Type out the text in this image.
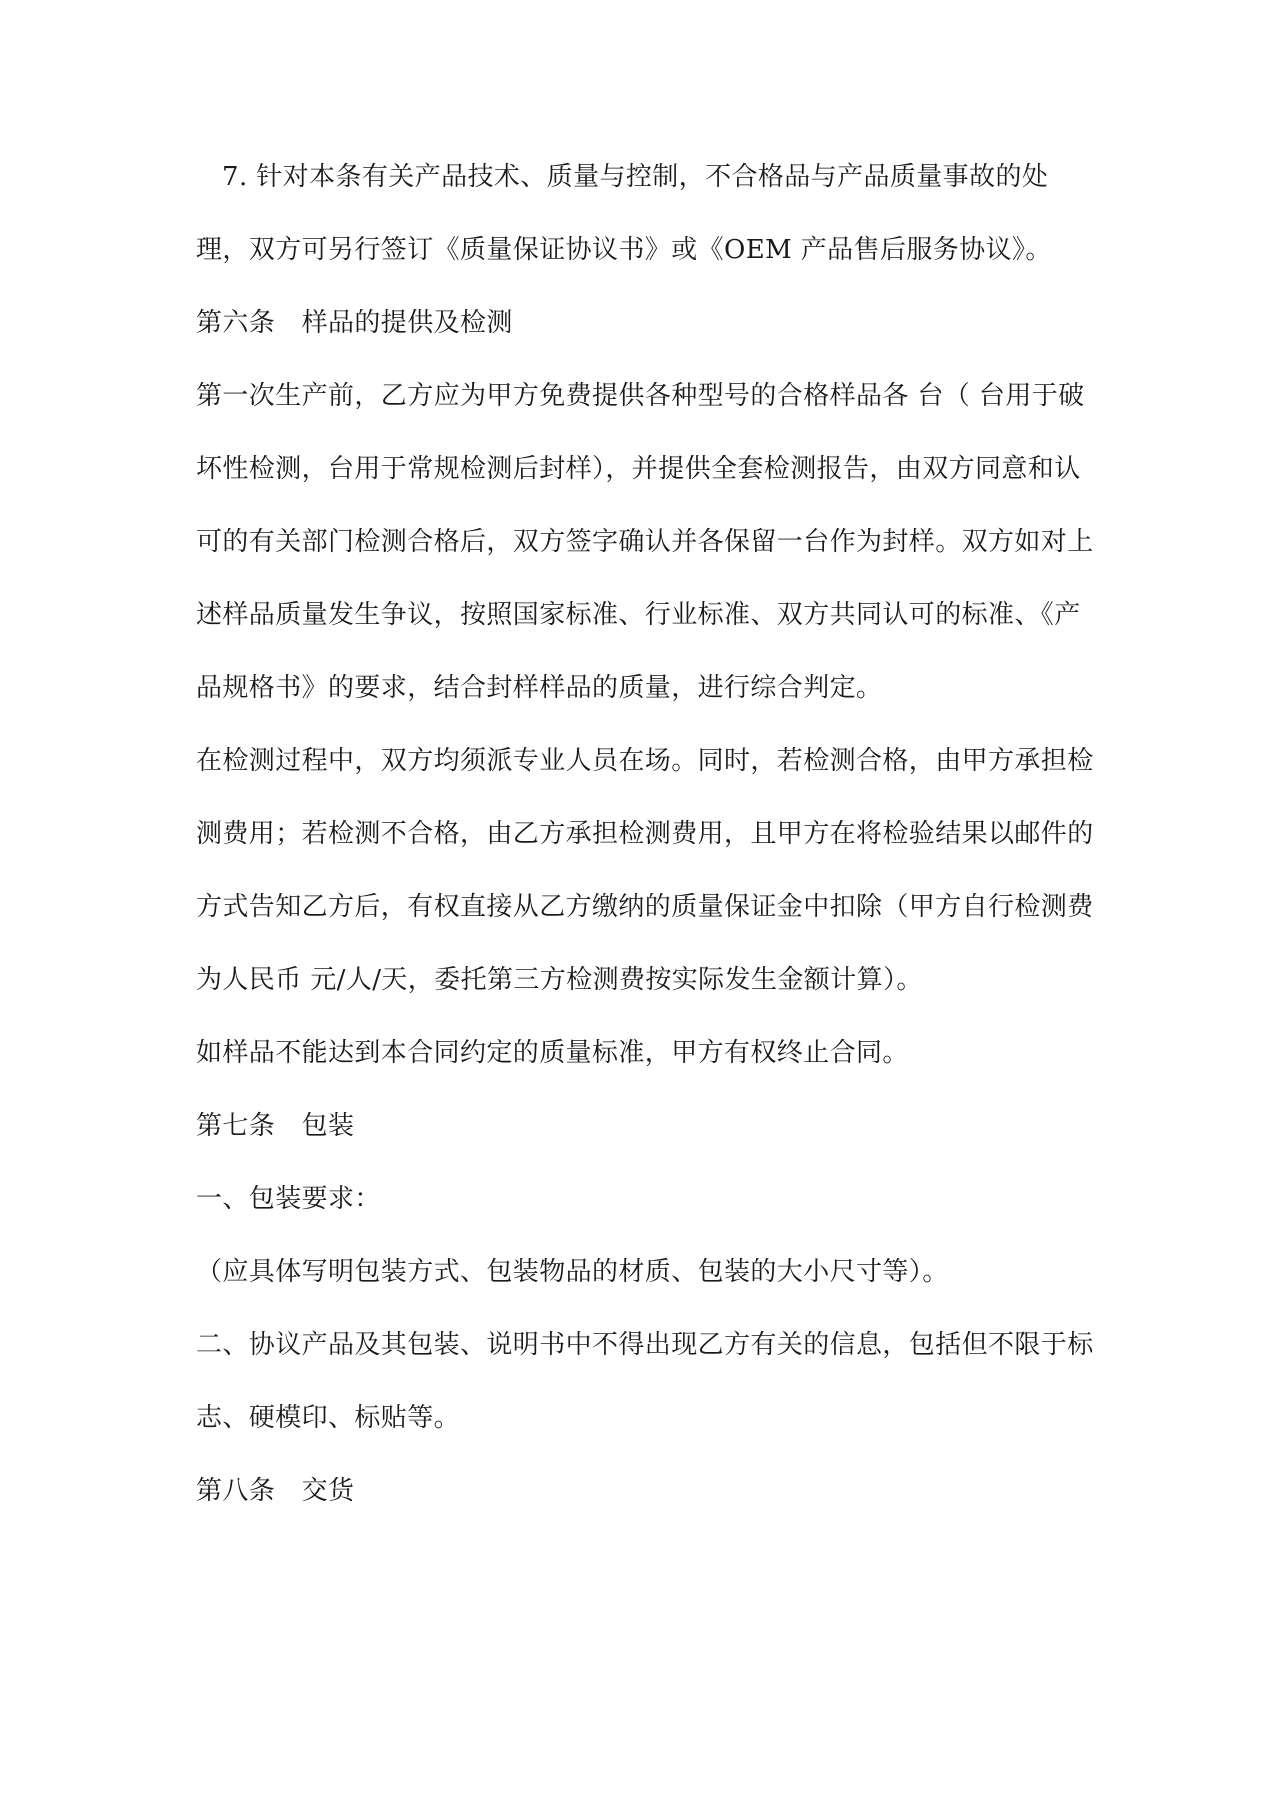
7. 针对本条有关产品技术、质量与控制，不合格品与产品质量事故的处
理，双方可另行签订《质量保证协议书》或《OEM 产品售后服务协议》。
第六条　样品的提供及检测
第一次生产前，乙方应为甲方免费提供各种型号的合格样品各 台（ 台用于破
坏性检测，台用于常规检测后封样），并提供全套检测报告，由双方同意和认
可的有关部门检测合格后，双方签字确认并各保留一台作为封样。双方如对上
述样品质量发生争议，按照国家标准、行业标准、双方共同认可的标准、《产
品规格书》的要求，结合封样样品的质量，进行综合判定。
在检测过程中，双方均须派专业人员在场。同时，若检测合格，由甲方承担检
测费用；若检测不合格，由乙方承担检测费用，且甲方在将检验结果以邮件的
方式告知乙方后，有权直接从乙方缴纳的质量保证金中扣除（甲方自行检测费
为人民币 元/人/天，委托第三方检测费按实际发生金额计算）。
如样品不能达到本合同约定的质量标准，甲方有权终止合同。
第七条　包装
一、包装要求：
（应具体写明包装方式、包装物品的材质、包装的大小尺寸等）。
二、协议产品及其包装、说明书中不得出现乙方有关的信息，包括但不限于标
志、硬模印、标贴等。
第八条　交货
